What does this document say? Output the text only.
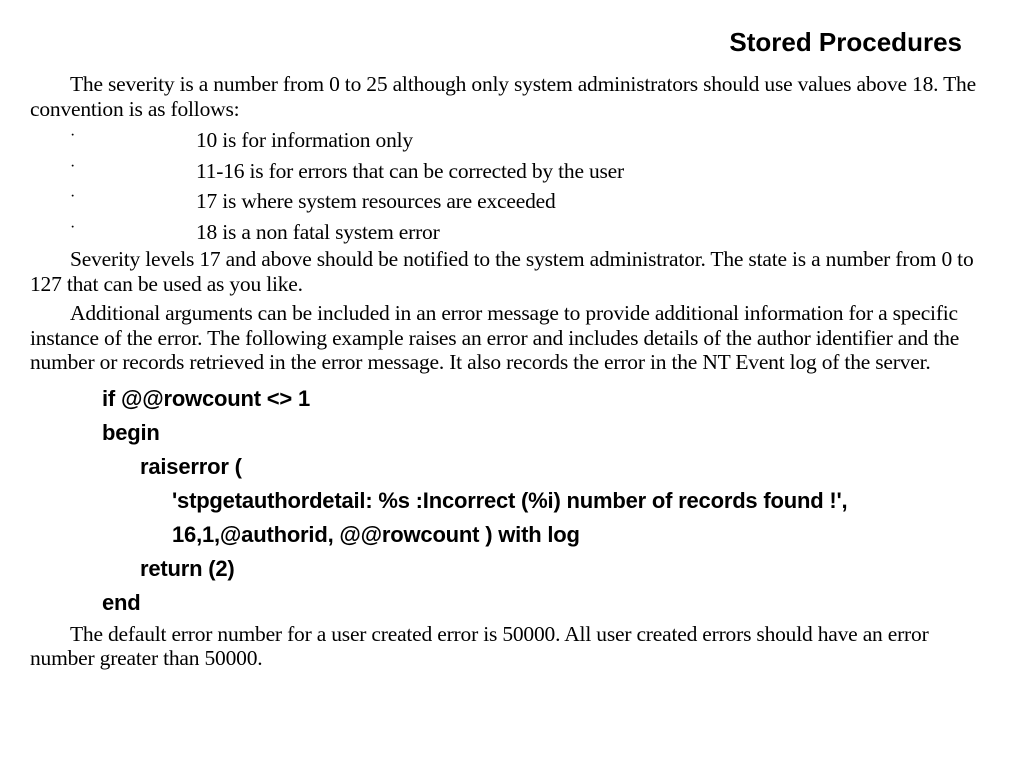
Stored Procedures

The severity is a number from 0 to 25 although only system administrators should use values above 18. The convention is as follows:

·	10 is for information only
·	11-16 is for errors that can be corrected by the user
·	17 is where system resources are exceeded
·	18 is a non fatal system error

Severity levels 17 and above should be notified to the system administrator. The state is a number from 0 to 127 that can be used as you like.

Additional arguments can be included in an error message to provide additional information for a specific instance of the error. The following example raises an error and includes details of the author identifier and the number or records retrieved in the error message. It also records the error in the NT Event log of the server.

if @@rowcount <> 1
begin
raiserror (
'stpgetauthordetail: %s :Incorrect (%i) number of records found !',
16,1,@authorid, @@rowcount ) with log
return (2)
end

The default error number for a user created error is 50000. All user created errors should have an error number greater than 50000.
